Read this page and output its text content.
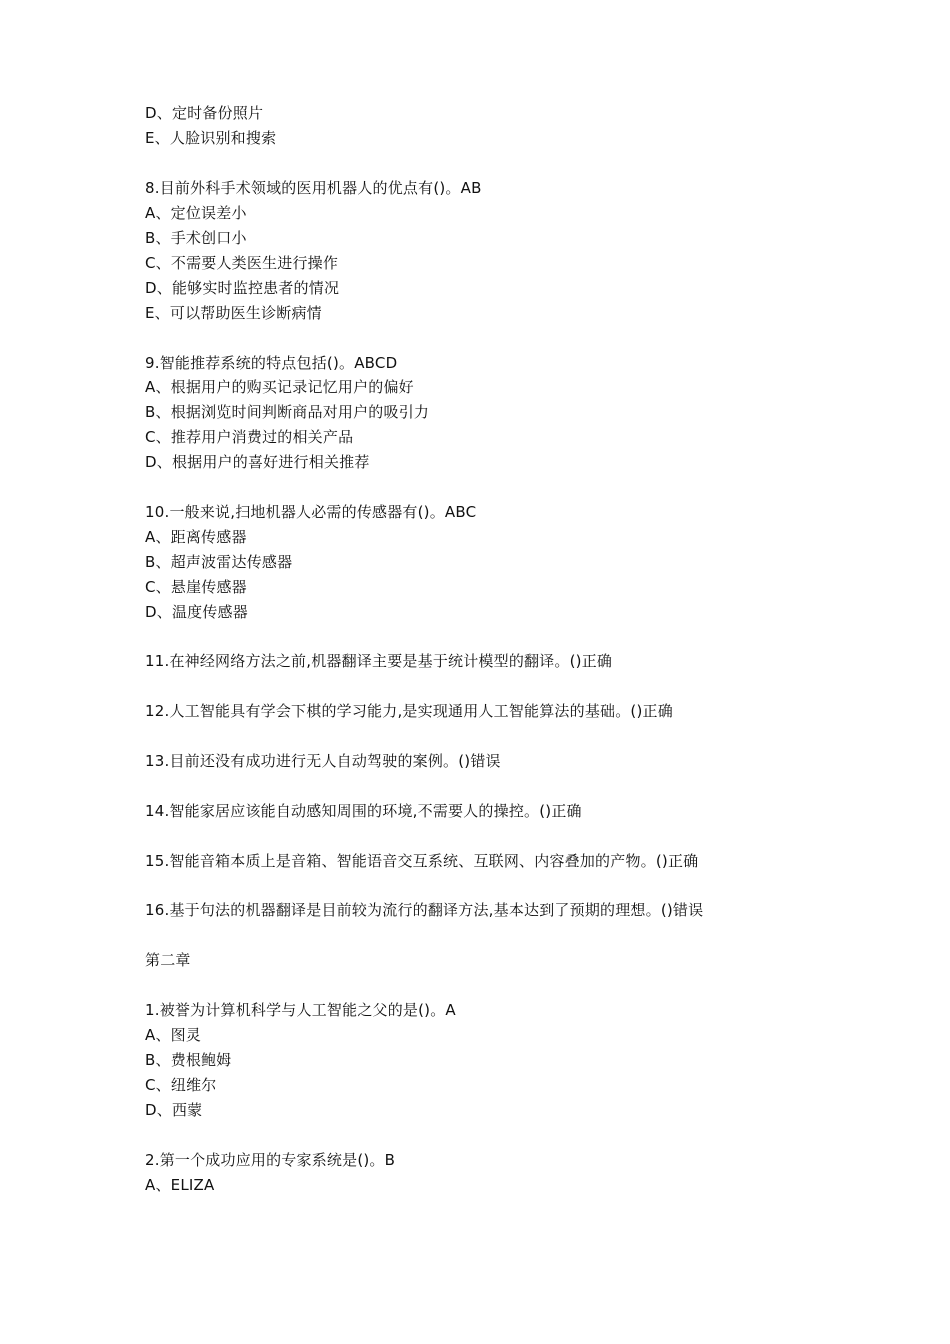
D、定时备份照片
E、人脸识别和搜索
8.目前外科手术领域的医用机器人的优点有()。AB
A、定位误差小
B、手术创口小
C、不需要人类医生进行操作
D、能够实时监控患者的情况
E、可以帮助医生诊断病情
9.智能推荐系统的特点包括()。ABCD
A、根据用户的购买记录记忆用户的偏好
B、根据浏览时间判断商品对用户的吸引力
C、推荐用户消费过的相关产品
D、根据用户的喜好进行相关推荐
10.一般来说,扫地机器人必需的传感器有()。ABC
A、距离传感器
B、超声波雷达传感器
C、悬崖传感器
D、温度传感器
11.在神经网络方法之前,机器翻译主要是基于统计模型的翻译。()正确
12.人工智能具有学会下棋的学习能力,是实现通用人工智能算法的基础。()正确
13.目前还没有成功进行无人自动驾驶的案例。()错误
14.智能家居应该能自动感知周围的环境,不需要人的操控。()正确
15.智能音箱本质上是音箱、智能语音交互系统、互联网、内容叠加的产物。()正确
16.基于句法的机器翻译是目前较为流行的翻译方法,基本达到了预期的理想。()错误
第二章
1.被誉为计算机科学与人工智能之父的是()。A
A、图灵
B、费根鲍姆
C、纽维尔
D、西蒙
2.第一个成功应用的专家系统是()。B
A、ELIZA
